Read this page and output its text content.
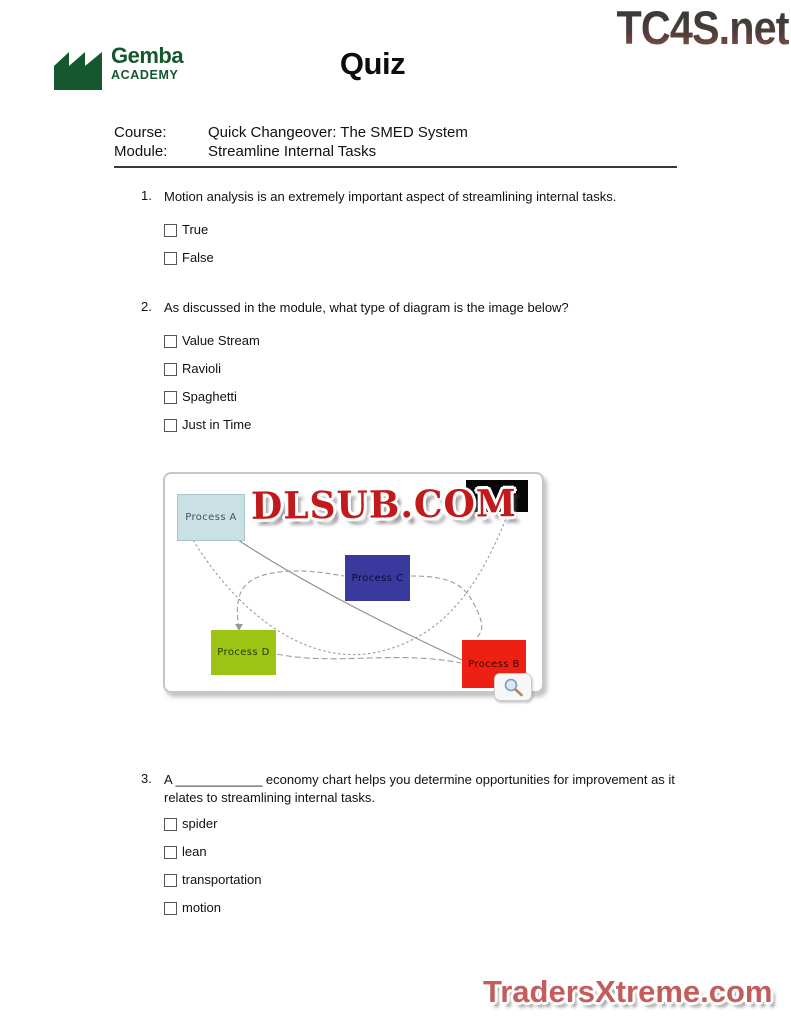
TC4S.net
Gemba
ACADEMY	Quiz
Course:	Quick Changeover: The SMED System
Module:	Streamline Internal Tasks
1. Motion analysis is an extremely important aspect of streamlining internal tasks.
True
False
2. As discussed in the module, what type of diagram is the image below?
Value Stream
Ravioli
Spaghetti
Just in Time
Process A
Process C
Process D
Process B
DLSUB.COM
3. A ____________ economy chart helps you determine opportunities for improvement as it relates to streamlining internal tasks.
spider
lean
transportation
motion
TradersXtreme.com
